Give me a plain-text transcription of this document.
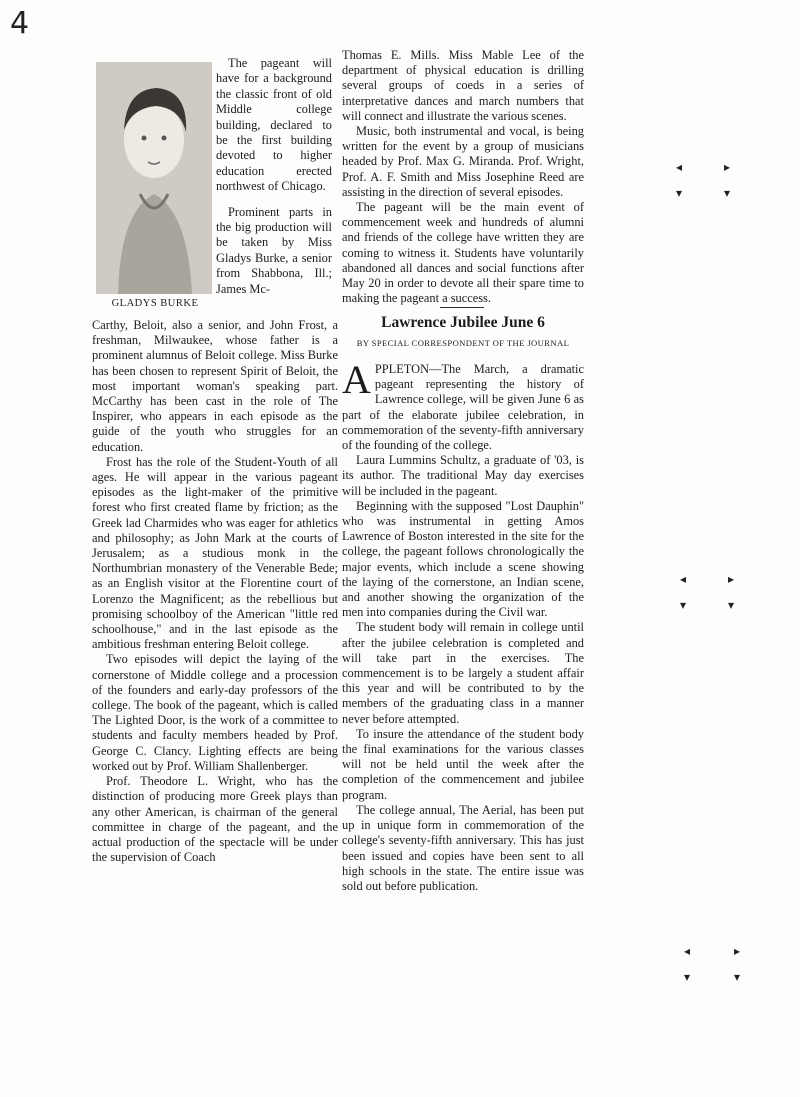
4
GLADYS BURKE

The pageant will have for a background the classic front of old Middle college building, declared to be the first building devoted to higher education erected northwest of Chicago.

Prominent parts in the big production will be taken by Miss Gladys Burke, a senior from Shabbona, Ill.; James Mc-

Carthy, Beloit, also a senior, and John Frost, a freshman, Milwaukee, whose father is a prominent alumnus of Beloit college. Miss Burke has been chosen to represent Spirit of Beloit, the most important woman's speaking part. McCarthy has been cast in the role of The Inspirer, who appears in each episode as the guide of the youth who struggles for an education.

Frost has the role of the Student-Youth of all ages. He will appear in the various pageant episodes as the light-maker of the primitive forest who first created flame by friction; as the Greek lad Charmides who was eager for athletics and philosophy; as John Mark at the courts of Jerusalem; as a studious monk in the Northumbrian monastery of the Venerable Bede; as an English visitor at the Florentine court of Lorenzo the Magnificent; as the rebellious but promising schoolboy of the American "little red schoolhouse," and in the last episode as the ambitious freshman entering Beloit college.

Two episodes will depict the laying of the cornerstone of Middle college and a procession of the founders and early-day professors of the college. The book of the pageant, which is called The Lighted Door, is the work of a committee to students and faculty members headed by Prof. George C. Clancy. Lighting effects are being worked out by Prof. William Shallenberger.

Prof. Theodore L. Wright, who has the distinction of producing more Greek plays than any other American, is chairman of the general committee in charge of the pageant, and the actual production of the spectacle will be under the supervision of Coach

Thomas E. Mills. Miss Mable Lee of the department of physical education is drilling several groups of coeds in a series of interpretative dances and march numbers that will connect and illustrate the various scenes.

Music, both instrumental and vocal, is being written for the event by a group of musicians headed by Prof. Max G. Miranda. Prof. Wright, Prof. A. F. Smith and Miss Josephine Reed are assisting in the direction of several episodes.

The pageant will be the main event of commencement week and hundreds of alumni and friends of the college have written they are coming to witness it. Students have voluntarily abandoned all dances and social functions after May 20 in order to devote all their spare time to making the pageant a success.

Lawrence Jubilee June 6
BY SPECIAL CORRESPONDENT OF THE JOURNAL

APPLETON—The March, a dramatic pageant representing the history of Lawrence college, will be given June 6 as part of the elaborate jubilee celebration, in commemoration of the seventy-fifth anniversary of the founding of the college.

Laura Lummins Schultz, a graduate of '03, is its author. The traditional May day exercises will be included in the pageant.

Beginning with the supposed "Lost Dauphin" who was instrumental in getting Amos Lawrence of Boston interested in the site for the college, the pageant follows chronologically the major events, which include a scene showing the laying of the cornerstone, an Indian scene, and another showing the organization of the men into companies during the Civil war.

The student body will remain in college until after the jubilee celebration is completed and will take part in the exercises. The commencement is to be largely a student affair this year and will be contributed to by the members of the graduating class in a manner never before attempted.

To insure the attendance of the student body the final examinations for the various classes will not be held until the week after the completion of the commencement and jubilee program.

The college annual, The Aerial, has been put up in unique form in commemoration of the college's seventy-fifth anniversary. This has just been issued and copies have been sent to all high schools in the state. The entire issue was sold out before publication.

◂	▸
▾	▾
◂	▸
▾	▾
◂	▸
▾	▾
